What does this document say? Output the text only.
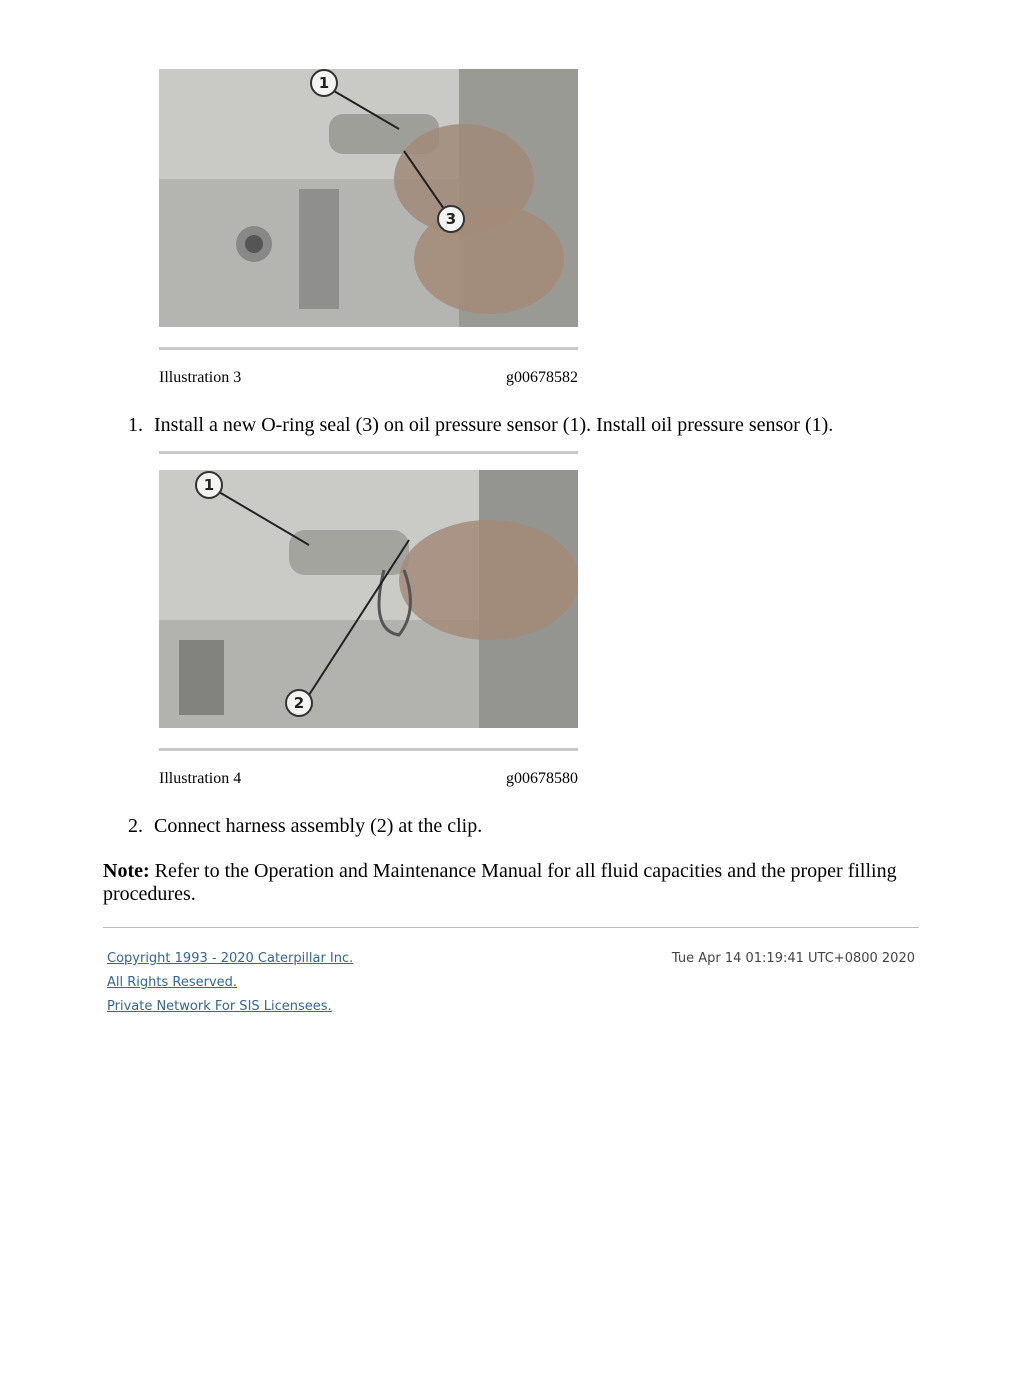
1
3
Illustration 3	g00678582
1. Install a new O-ring seal (3) on oil pressure sensor (1). Install oil pressure sensor (1).
1
2
Illustration 4	g00678580
2. Connect harness assembly (2) at the clip.
Note: Refer to the Operation and Maintenance Manual for all fluid capacities and the proper filling procedures.
Copyright 1993 - 2020 Caterpillar Inc.
All Rights Reserved.
Private Network For SIS Licensees.
Tue Apr 14 01:19:41 UTC+0800 2020
